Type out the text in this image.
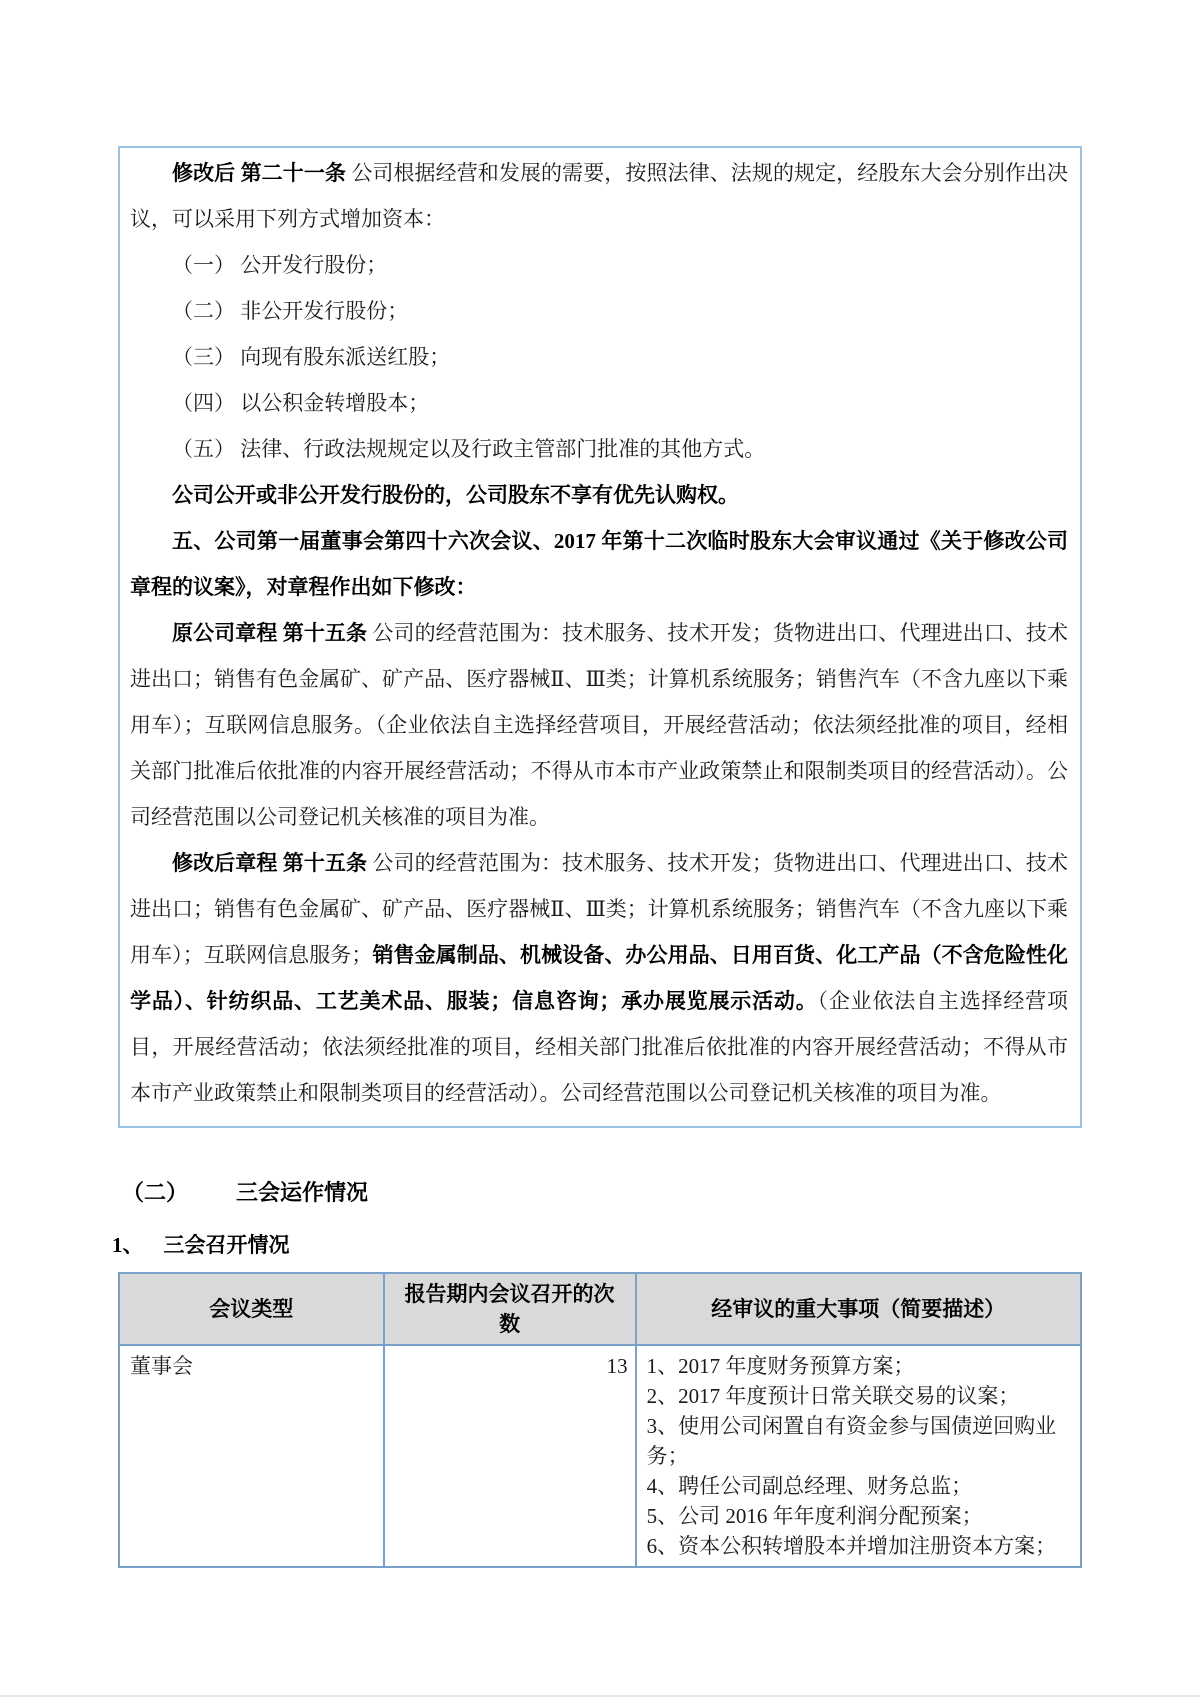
修改后 第二十一条 公司根据经营和发展的需要，按照法律、法规的规定，经股东大会分别作出决议，可以采用下列方式增加资本：

（一） 公开发行股份；

（二） 非公开发行股份；

（三） 向现有股东派送红股；

（四） 以公积金转增股本；

（五） 法律、行政法规规定以及行政主管部门批准的其他方式。

公司公开或非公开发行股份的，公司股东不享有优先认购权。

五、公司第一届董事会第四十六次会议、2017 年第十二次临时股东大会审议通过《关于修改公司章程的议案》，对章程作出如下修改：

原公司章程 第十五条 公司的经营范围为：技术服务、技术开发；货物进出口、代理进出口、技术进出口；销售有色金属矿、矿产品、医疗器械Ⅱ、Ⅲ类；计算机系统服务；销售汽车（不含九座以下乘用车）；互联网信息服务。（企业依法自主选择经营项目，开展经营活动；依法须经批准的项目，经相关部门批准后依批准的内容开展经营活动；不得从市本市产业政策禁止和限制类项目的经营活动）。公司经营范围以公司登记机关核准的项目为准。

修改后章程 第十五条 公司的经营范围为：技术服务、技术开发；货物进出口、代理进出口、技术进出口；销售有色金属矿、矿产品、医疗器械Ⅱ、Ⅲ类；计算机系统服务；销售汽车（不含九座以下乘用车）；互联网信息服务；销售金属制品、机械设备、办公用品、日用百货、化工产品（不含危险性化学品）、针纺织品、工艺美术品、服装；信息咨询；承办展览展示活动。（企业依法自主选择经营项目，开展经营活动；依法须经批准的项目，经相关部门批准后依批准的内容开展经营活动；不得从市本市产业政策禁止和限制类项目的经营活动）。公司经营范围以公司登记机关核准的项目为准。

（二） 三会运作情况
1、 三会召开情况
会议类型	报告期内会议召开的次数	经审议的重大事项（简要描述）

董事会	13	1、2017 年度财务预算方案；
2、2017 年度预计日常关联交易的议案；
3、使用公司闲置自有资金参与国债逆回购业务；
4、聘任公司副总经理、财务总监；
5、公司 2016 年年度利润分配预案；
6、资本公积转增股本并增加注册资本方案；
